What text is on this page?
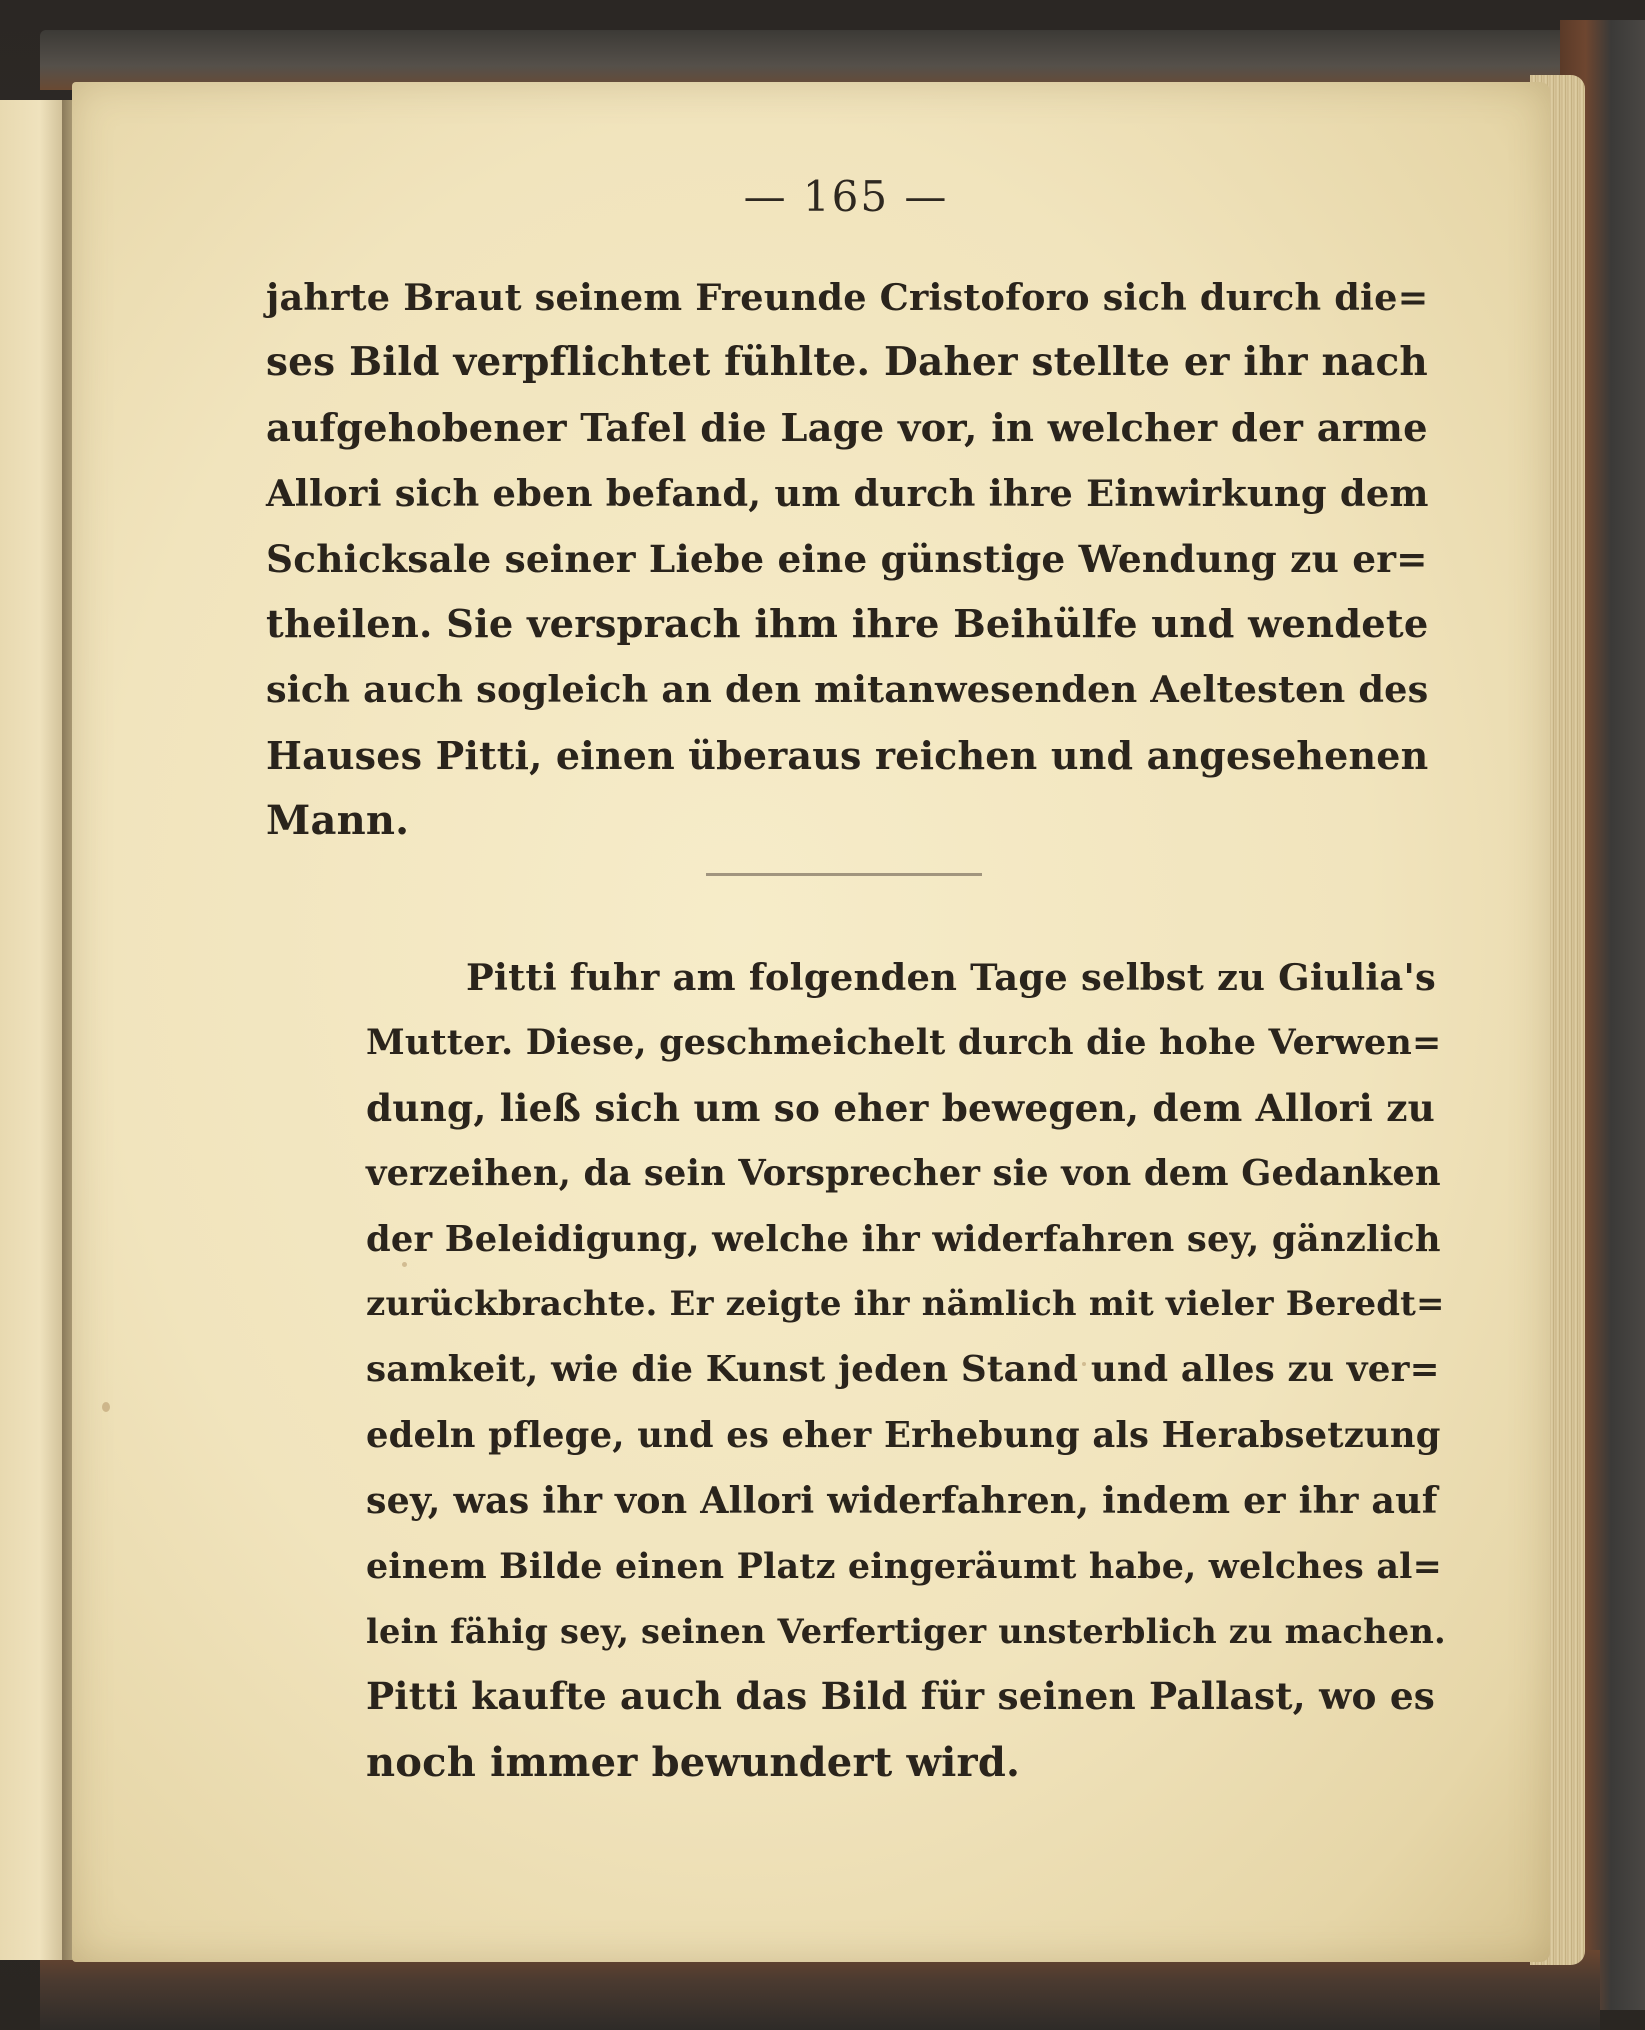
— 165 —
jahrte Braut seinem Freunde Cristoforo sich durch die=
ses Bild verpflichtet fühlte. Daher stellte er ihr nach
aufgehobener Tafel die Lage vor, in welcher der arme
Allori sich eben befand, um durch ihre Einwirkung dem
Schicksale seiner Liebe eine günstige Wendung zu er=
theilen. Sie versprach ihm ihre Beihülfe und wendete
sich auch sogleich an den mitanwesenden Aeltesten des
Hauses Pitti, einen überaus reichen und angesehenen
Mann.
Pitti fuhr am folgenden Tage selbst zu Giulia's
Mutter. Diese, geschmeichelt durch die hohe Verwen=
dung, ließ sich um so eher bewegen, dem Allori zu
verzeihen, da sein Vorsprecher sie von dem Gedanken
der Beleidigung, welche ihr widerfahren sey, gänzlich
zurückbrachte. Er zeigte ihr nämlich mit vieler Beredt=
samkeit, wie die Kunst jeden Stand und alles zu ver=
edeln pflege, und es eher Erhebung als Herabsetzung
sey, was ihr von Allori widerfahren, indem er ihr auf
einem Bilde einen Platz eingeräumt habe, welches al=
lein fähig sey, seinen Verfertiger unsterblich zu machen.
Pitti kaufte auch das Bild für seinen Pallast, wo es
noch immer bewundert wird.
